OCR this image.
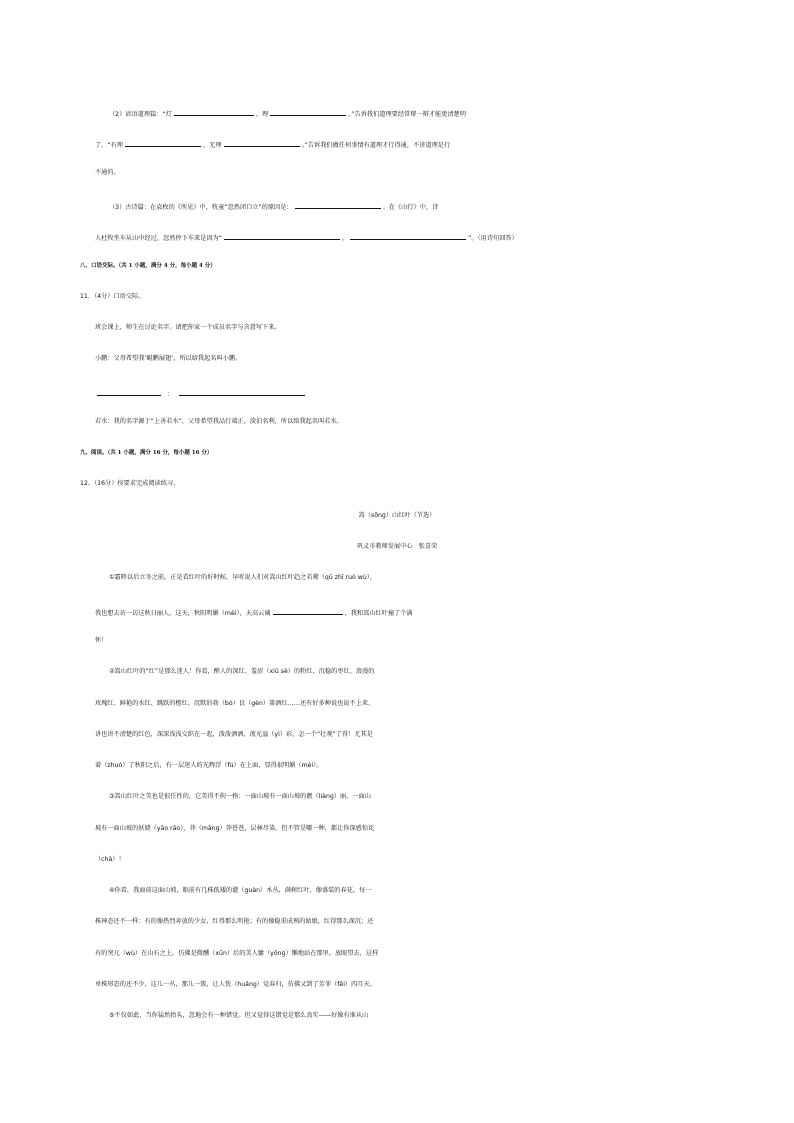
（2）谚语道理篇：“灯	，理	。”告诉我们道理要经常辩一辩才能更清楚明

了。“有理	，无理	。”告诉我们做任何事情有道理才行得通，不讲道理是行

不通的。

（3）古诗篇：在袁枚的《所见》中，牧童“忽然闭口立”的原因是：	。在《山行》中，诗

人杜牧坐车从山中经过，忽然停下车来是因为“	，	”。（用诗句回答）

八、口语交际。（共 1 小题，满分 4 分，每小题 4 分）

11．（4分）口语交际。

班会课上，师生在讨论名字。请把你家一个成员名字与含意写下来。

小鹏：父母希望我‘鲲鹏展翅’，所以给我起名叫小鹏。

：

若水：我的名字源于“上善若水”，父母希望我品行端正，淡泊名利，所以给我起名叫若水。

九、阅读。（共 1 小题，满分 16 分，每小题 16 分）

12．（16分）按要求完成阅读练习。

嵩（sōnɡ）山红叶（节选）

巩义市教师发展中心　张喜荣

①霜降以后立冬之前，正是看红叶的好时候，早听说人们对嵩山红叶趋之若鹜（qū zhī ruò wù），

我也想去访一访这秋日丽人。这天，秋阳明媚（mèi），天高云阔	，我和嵩山红叶撞了个满

怀！

②嵩山红叶的“红”是那么迷人！你看，醉人的深红、羞涩（xiū sè）的粉红、沉稳的枣红、浪漫的

玫瑰红、鲜艳的水红、跳跃的橙红、沉默的勃（bó）艮（gèn）第酒红……还有好多种说也说不上来、

讲也讲不清楚的红色，深深浅浅交织在一起，泼泼洒洒，流光溢（yì）彩，怎一个“壮观”了得！尤其是

着（zhuó）了秋阳之后，有一层迷人的光辉浮（fú）在上面，显得很明媚（mèi）。

③嵩山红叶之美也是很任性的，它美得不拘一格：一面山坡有一面山坡的靓（liàng）丽，一面山

坡有一面山坡的妖娆（yāo ráo），莽（mǎng）莽苍苍，层林尽染。但不管是哪一种，都让你深感惊诧

（chà）！

④你看，我面前这面山坡，眼前有几株低矮的灌（guàn）木丛，满树红叶，像盛装的春花，每一

株神态还不一样：有的像热烈奔放的少女，红得那么明艳；有的像稳重成熟的姑娘，红得那么深沉；还

有的突兀（wù）在山石之上，仿佛是微醺（xūn）后的美人慵（yōnɡ）懒地站在那里。放眼望去，这样

单株形态的还不少，这儿一丛，那儿一簇，让人恍（huǎng）觉春归，仿佛又到了芳菲（fēi）四月天。

⑤不仅如此，当你猛然抬头，忽地会有一种错觉。但又觉得这错觉是那么真实——好像有谁从山
